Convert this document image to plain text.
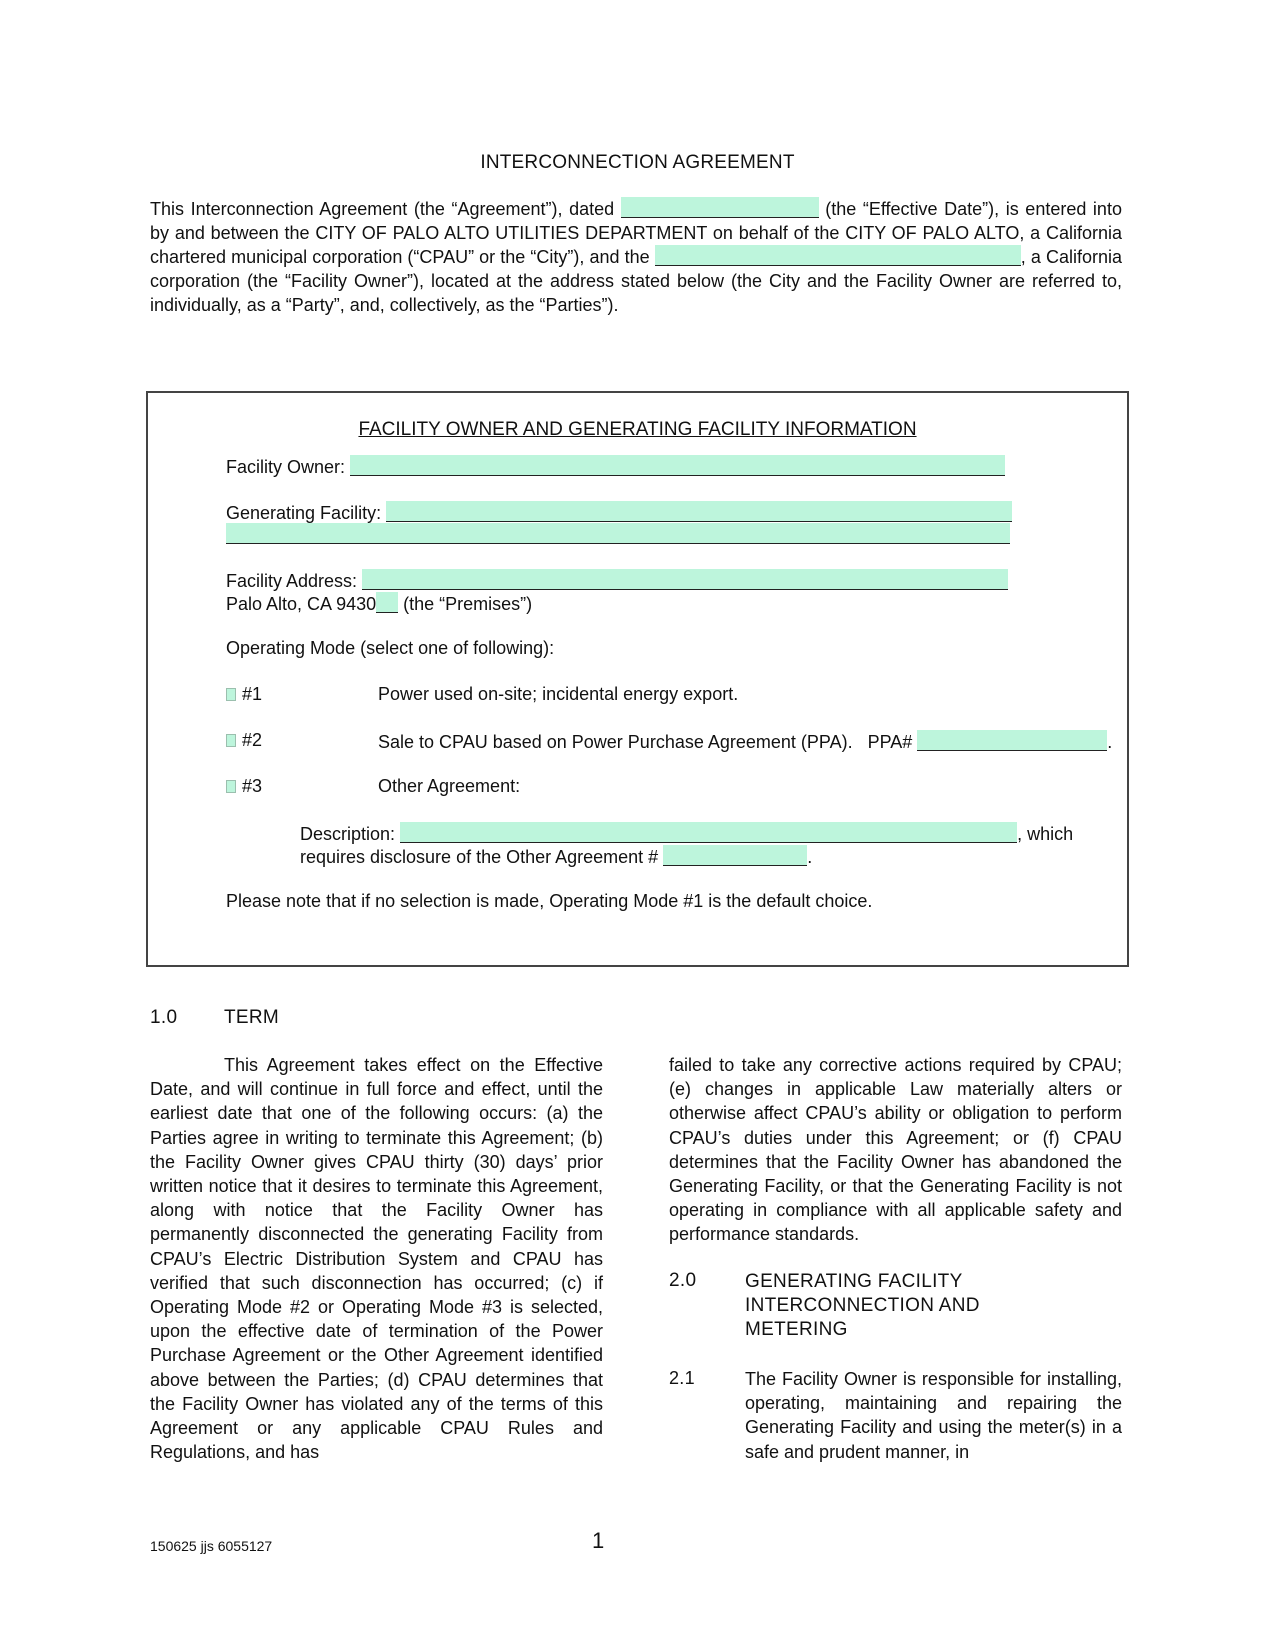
INTERCONNECTION AGREEMENT
This Interconnection Agreement (the “Agreement”), dated	(the “Effective Date”), is entered into by and between the CITY OF PALO ALTO UTILITIES DEPARTMENT on behalf of the CITY OF PALO ALTO, a California chartered municipal corporation (“CPAU” or the “City”), and the	, a California corporation (the “Facility Owner”), located at the address stated below (the City and the Facility Owner are referred to, individually, as a “Party”, and, collectively, as the “Parties”).
FACILITY OWNER AND GENERATING FACILITY INFORMATION
Facility Owner:
Generating Facility:
Facility Address:
Palo Alto, CA 9430 (the “Premises”)
Operating Mode (select one of following):
#1	Power used on-site; incidental energy export.
#2	Sale to CPAU based on Power Purchase Agreement (PPA).   PPA#	.
#3	Other Agreement:
Description:	, which
requires disclosure of the Other Agreement #	.
Please note that if no selection is made, Operating Mode #1 is the default choice.
1.0 TERM
This Agreement takes effect on the Effective Date, and will continue in full force and effect, until the earliest date that one of the following occurs: (a) the Parties agree in writing to terminate this Agreement; (b) the Facility Owner gives CPAU thirty (30) days’ prior written notice that it desires to terminate this Agreement, along with notice that the Facility Owner has permanently disconnected the generating Facility from CPAU’s Electric Distribution System and CPAU has verified that such disconnection has occurred; (c) if Operating Mode #2 or Operating Mode #3 is selected, upon the effective date of termination of the Power Purchase Agreement or the Other Agreement identified above between the Parties; (d) CPAU determines that the Facility Owner has violated any of the terms of this Agreement or any applicable CPAU Rules and Regulations, and has
failed to take any corrective actions required by CPAU; (e) changes in applicable Law materially alters or otherwise affect CPAU’s ability or obligation to perform CPAU’s duties under this Agreement; or (f) CPAU determines that the Facility Owner has abandoned the Generating Facility, or that the Generating Facility is not operating in compliance with all applicable safety and performance standards.
2.0	GENERATING FACILITY
INTERCONNECTION AND
METERING
2.1	The Facility Owner is responsible for installing, operating, maintaining and repairing the Generating Facility and using the meter(s) in a safe and prudent manner, in
150625 jjs 6055127	1
